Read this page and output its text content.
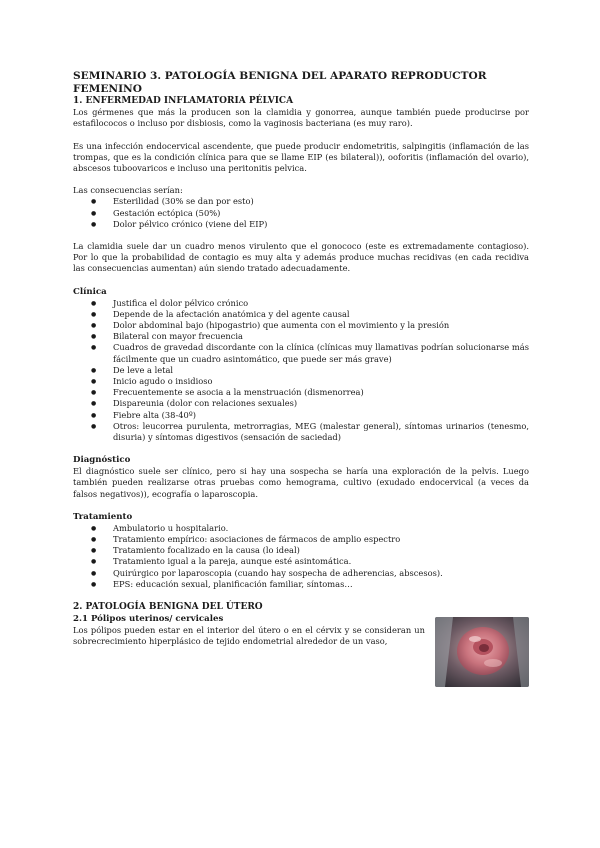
SEMINARIO 3. PATOLOGÍA BENIGNA DEL APARATO REPRODUCTOR FEMENINO
1. ENFERMEDAD INFLAMATORIA PÉLVICA

Los gérmenes que más la producen son la clamidia y gonorrea, aunque también puede producirse por estafilococos o incluso por disbiosis, como la vaginosis bacteriana (es muy raro).

Es una infección endocervical ascendente, que puede producir endometritis, salpingitis (inflamación de las trompas, que es la condición clínica para que se llame EIP (es bilateral)), ooforitis (inflamación del ovario), abscesos tuboovaricos e incluso una peritonitis pelvica.

Las consecuencias serían:

● Esterilidad (30% se dan por esto)
● Gestación ectópica (50%)
● Dolor pélvico crónico (viene del EIP)

La clamidia suele dar un cuadro menos virulento que el gonococo (este es extremadamente contagioso). Por lo que la probabilidad de contagio es muy alta y además produce muchas recidivas (en cada recidiva las consecuencias aumentan) aún siendo tratado adecuadamente.

Clínica
● Justifica el dolor pélvico crónico
● Depende de la afectación anatómica y del agente causal
● Dolor abdominal bajo (hipogastrio) que aumenta con el movimiento y la presión
● Bilateral con mayor frecuencia
● Cuadros de gravedad discordante con la clínica (clínicas muy llamativas podrían solucionarse más fácilmente que un cuadro asintomático, que puede ser más grave)
● De leve a letal
● Inicio agudo o insidioso
● Frecuentemente se asocia a la menstruación (dismenorrea)
● Dispareunia (dolor con relaciones sexuales)
● Fiebre alta (38-40º)
● Otros: leucorrea purulenta, metrorragias, MEG (malestar general), síntomas urinarios (tenesmo, disuria) y síntomas digestivos (sensación de saciedad)
Diagnóstico

El diagnóstico suele ser clínico, pero si hay una sospecha se haría una exploración de la pelvis. Luego también pueden realizarse otras pruebas como hemograma, cultivo (exudado endocervical (a veces da falsos negativos)), ecografía o laparoscopia.

Tratamiento
● Ambulatorio u hospitalario.
● Tratamiento empírico: asociaciones de fármacos de amplio espectro
● Tratamiento focalizado en la causa (lo ideal)
● Tratamiento igual a la pareja, aunque esté asintomática.
● Quirúrgico por laparoscopia (cuando hay sospecha de adherencias, abscesos).
● EPS: educación sexual, planificación familiar, síntomas…
2. PATOLOGÍA BENIGNA DEL ÚTERO
2.1 Pólipos uterinos/ cervicales

Los pólipos pueden estar en el interior del útero o en el cérvix y se consideran un sobrecrecimiento hiperplásico de tejido endometrial alrededor de un vaso,
